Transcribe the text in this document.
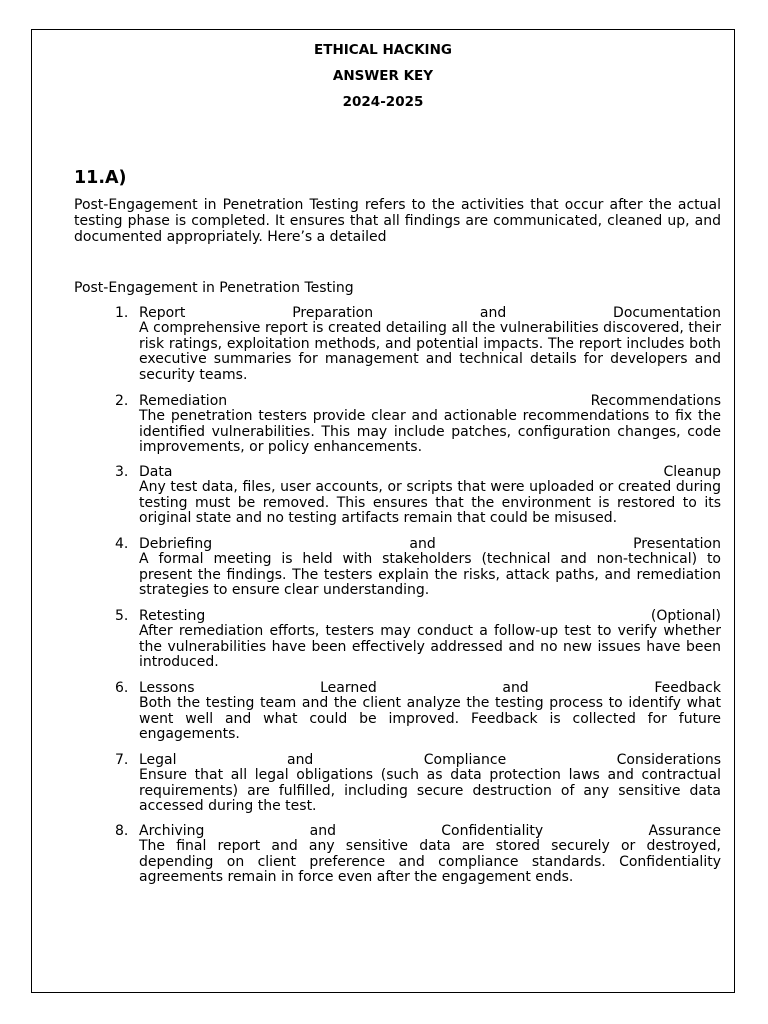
ETHICAL HACKING
ANSWER KEY
2024-2025
11.A)
Post-Engagement in Penetration Testing refers to the activities that occur after the actual testing phase is completed. It ensures that all findings are communicated, cleaned up, and documented appropriately. Here’s a detailed
Post-Engagement in Penetration Testing
1. Report	Preparation	and	Documentation

A comprehensive report is created detailing all the vulnerabilities discovered, their risk ratings, exploitation methods, and potential impacts. The report includes both executive summaries for management and technical details for developers and security teams.

2. Remediation	Recommendations

The penetration testers provide clear and actionable recommendations to fix the identified vulnerabilities. This may include patches, configuration changes, code improvements, or policy enhancements.

3. Data	Cleanup

Any test data, files, user accounts, or scripts that were uploaded or created during testing must be removed. This ensures that the environment is restored to its original state and no testing artifacts remain that could be misused.

4. Debriefing	and	Presentation

A formal meeting is held with stakeholders (technical and non-technical) to present the findings. The testers explain the risks, attack paths, and remediation strategies to ensure clear understanding.

5. Retesting	(Optional)

After remediation efforts, testers may conduct a follow-up test to verify whether the vulnerabilities have been effectively addressed and no new issues have been introduced.

6. Lessons	Learned	and	Feedback

Both the testing team and the client analyze the testing process to identify what went well and what could be improved. Feedback is collected for future engagements.

7. Legal	and	Compliance	Considerations

Ensure that all legal obligations (such as data protection laws and contractual requirements) are fulfilled, including secure destruction of any sensitive data accessed during the test.

8. Archiving	and	Confidentiality	Assurance

The final report and any sensitive data are stored securely or destroyed, depending on client preference and compliance standards. Confidentiality agreements remain in force even after the engagement ends.
